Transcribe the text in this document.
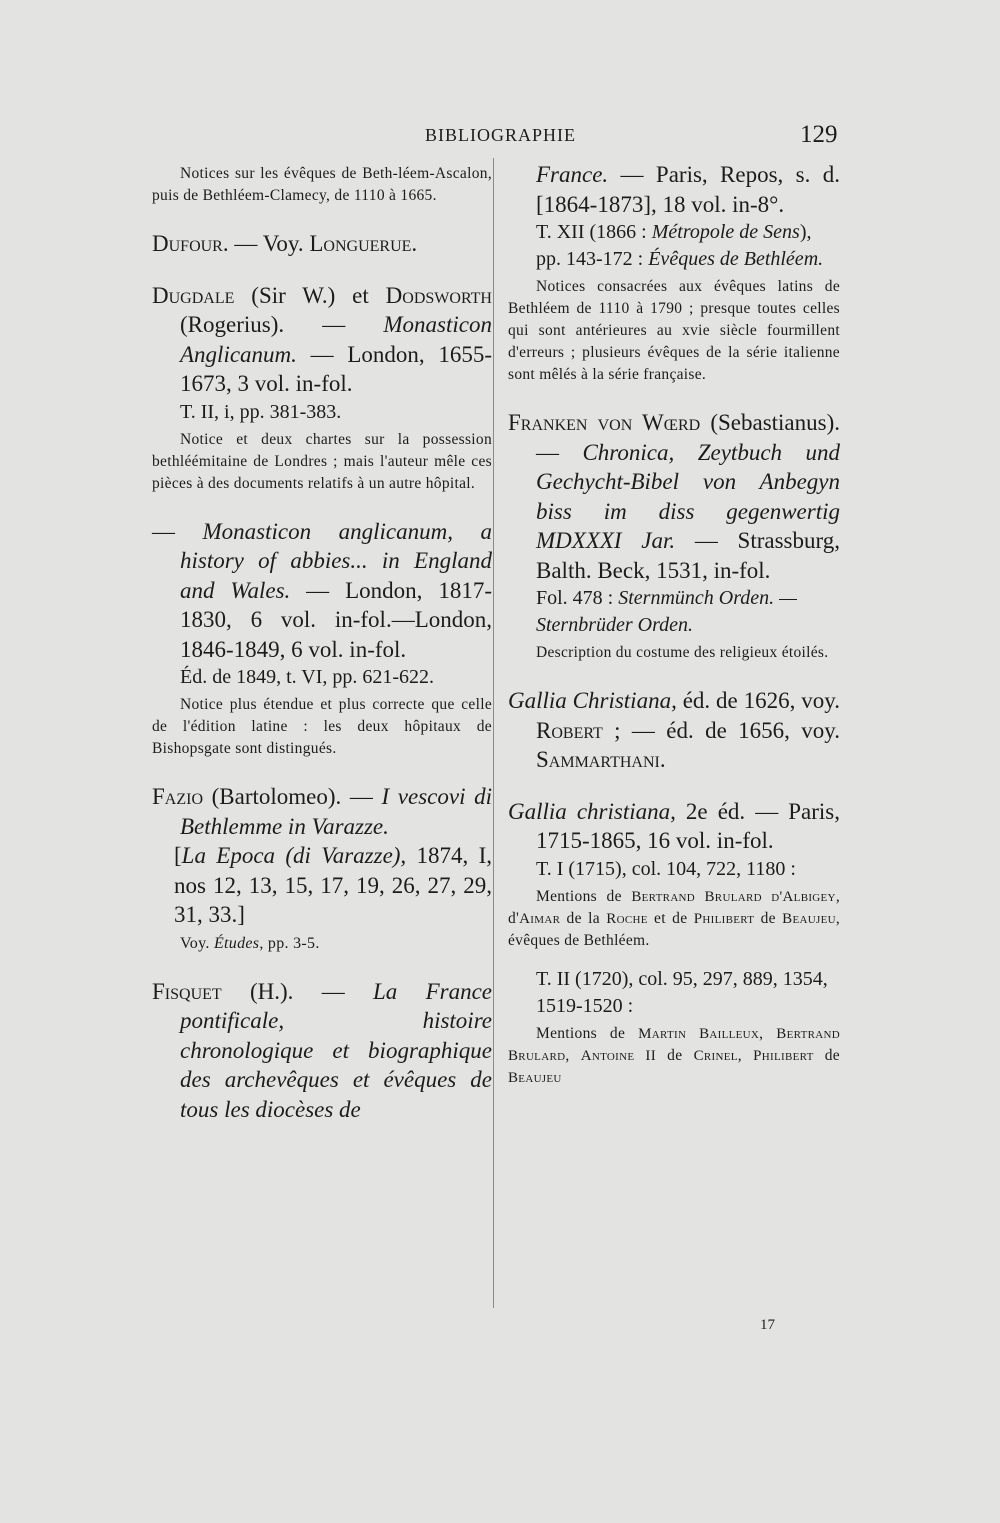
BIBLIOGRAPHIE	129

Notices sur les évêques de Beth-léem-Ascalon, puis de Bethléem-Clamecy, de 1110 à 1665.

Dufour. — Voy. Longuerue.

Dugdale (Sir W.) et Dodsworth (Rogerius). — Monasticon Anglicanum. — London, 1655-1673, 3 vol. in-fol.

T. II, i, pp. 381-383.

Notice et deux chartes sur la possession bethléémitaine de Londres ; mais l'auteur mêle ces pièces à des documents relatifs à un autre hôpital.

— Monasticon anglicanum, a history of abbies... in England and Wales. — London, 1817-1830, 6 vol. in-fol.—London, 1846-1849, 6 vol. in-fol.

Éd. de 1849, t. VI, pp. 621-622.

Notice plus étendue et plus correcte que celle de l'édition latine : les deux hôpitaux de Bishopsgate sont distingués.

Fazio (Bartolomeo). — I vescovi di Bethlemme in Varazze.

[La Epoca (di Varazze), 1874, I, nos 12, 13, 15, 17, 19, 26, 27, 29, 31, 33.]

Voy. Études, pp. 3-5.

Fisquet (H.). — La France pontificale, histoire chronologique et biographique des archevêques et évêques de tous les diocèses de

France. — Paris, Repos, s. d. [1864-1873], 18 vol. in-8°.

T. XII (1866 : Métropole de Sens), pp. 143-172 : Évêques de Bethléem.

Notices consacrées aux évêques latins de Bethléem de 1110 à 1790 ; presque toutes celles qui sont antérieures au xvie siècle fourmillent d'erreurs ; plusieurs évêques de la série italienne sont mêlés à la série française.

Franken von Wœrd (Sebastianus). — Chronica, Zeytbuch und Gechycht-Bibel von Anbegyn biss im diss gegenwertig MDXXXI Jar. — Strassburg, Balth. Beck, 1531, in-fol.

Fol. 478 : Sternmünch Orden. — Sternbrüder Orden.

Description du costume des religieux étoilés.

Gallia Christiana, éd. de 1626, voy. Robert ; — éd. de 1656, voy. Sammarthani.

Gallia christiana, 2e éd. — Paris, 1715-1865, 16 vol. in-fol.

T. I (1715), col. 104, 722, 1180 :

Mentions de Bertrand Brulard d'Albigey, d'Aimar de la Roche et de Philibert de Beaujeu, évêques de Bethléem.

T. II (1720), col. 95, 297, 889, 1354, 1519-1520 :

Mentions de Martin Bailleux, Bertrand Brulard, Antoine II de Crinel, Philibert de Beaujeu

17
